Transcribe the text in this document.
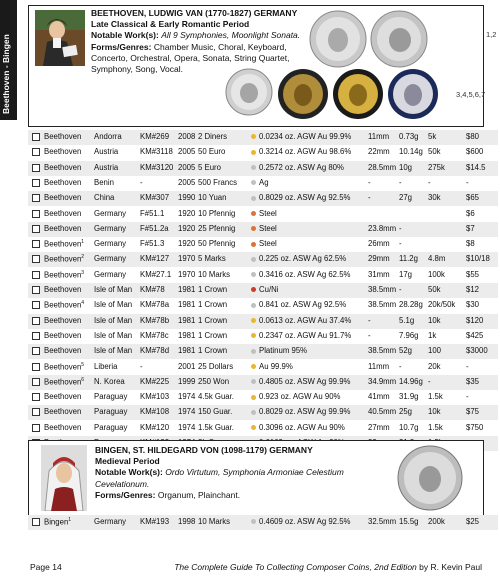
Beethoven - Bingen
BEETHOVEN, LUDWIG VAN (1770-1827) GERMANY
Late Classical & Early Romantic Period
Notable Work(s): All 9 Symphonies, Moonlight Sonata.
Forms/Genres: Chamber Music, Choral, Keyboard, Concerto, Orchestral, Opera, Sonata, String Quartet, Symphony, Song, Vocal.
1,2
3,4,5,6,7
Beethoven Andorra KM#269 2008 2 Diners	0.0234 oz. AGW Au 99.9% 11mm 0.73g 5k	$80
Beethoven Austria	KM#3118 2005 50 Euro	0.3214 oz. AGW Au 98.6% 22mm 10.14g 50k	$600
Beethoven Austria	KM#3120 2005 5 Euro	0.2572 oz. ASW Ag 80%	28.5mm 10g 275k	$14.5
Beethoven Benin	-	2005 500 Francs	Ag	-	-	-	-
Beethoven China	KM#307 1990 10 Yuan	0.8029 oz. ASW Ag 92.5% -	27g 30k	$65
Beethoven Germany F#51.1 1920 10 Pfennig	Steel	$6
Beethoven Germany F#51.2a 1920 25 Pfennig	Steel	23.8mm -	$7
Beethoven$^1$ Germany F#51.3 1920 50 Pfennig	Steel	26mm -	$8
Beethoven$^2$ Germany KM#127 1970 5 Marks	0.225 oz. ASW Ag 62.5%	29mm 11.2g 4.8m	$10/18
Beethoven$^3$ Germany KM#27.1 1970 10 Marks	0.3416 oz. ASW Ag 62.5% 31mm 17g 100k	$55
Beethoven Isle of Man KM#78 1981 1 Crown	Cu/Ni	38.5mm -	50k	$12
Beethoven$^4$ Isle of Man KM#78a 1981 1 Crown	0.841 oz. ASW Ag 92.5%	38.5mm 28.28g 20k/50k $30
Beethoven Isle of Man KM#78b 1981 1 Crown	0.0613 oz. AGW Au 37.4% -	5.1g 10k	$120
Beethoven Isle of Man KM#78c 1981 1 Crown	0.2347 oz. AGW Au 91.7% -	7.96g 1k	$425
Beethoven Isle of Man KM#78d 1981 1 Crown	Platinum 95%	38.5mm 52g 100	$3000
Beethoven$^5$ Liberia	-	2001 25 Dollars	Au 99.9%	11mm -	20k	-
Beethoven$^6$ N. Korea KM#225 1999 250 Won	0.4805 oz. ASW Ag 99.9% 34.9mm 14.96g -	$35
Beethoven Paraguay KM#103 1974 4.5k Guar.	0.923 oz. AGW Au 90%	41mm 31.9g 1.5k	-
Beethoven Paraguay KM#108 1974 150 Guar.	0.8029 oz. ASW Ag 99.9% 40.5mm 25g 10k	$75
Beethoven Paraguay KM#120 1974 1.5k Guar.	0.3096 oz. AGW Au 90%	27mm 10.7g 1.5k	$750
BINGEN, ST. HILDEGARD VON (1098-1179) GERMANY
Medieval Period
Notable Work(s): Ordo Virtutum, Symphonia Armoniae Celestium Cevelationum.
Forms/Genres: Organum, Plainchant.
Bingen$^1$	Germany KM#193 1998 10 Marks	0.4609 oz. ASW Ag 92.5% 32.5mm 15.5g 200k	$25
Page 14	The Complete Guide To Collecting Composer Coins, 2nd Edition by R. Kevin Paul
